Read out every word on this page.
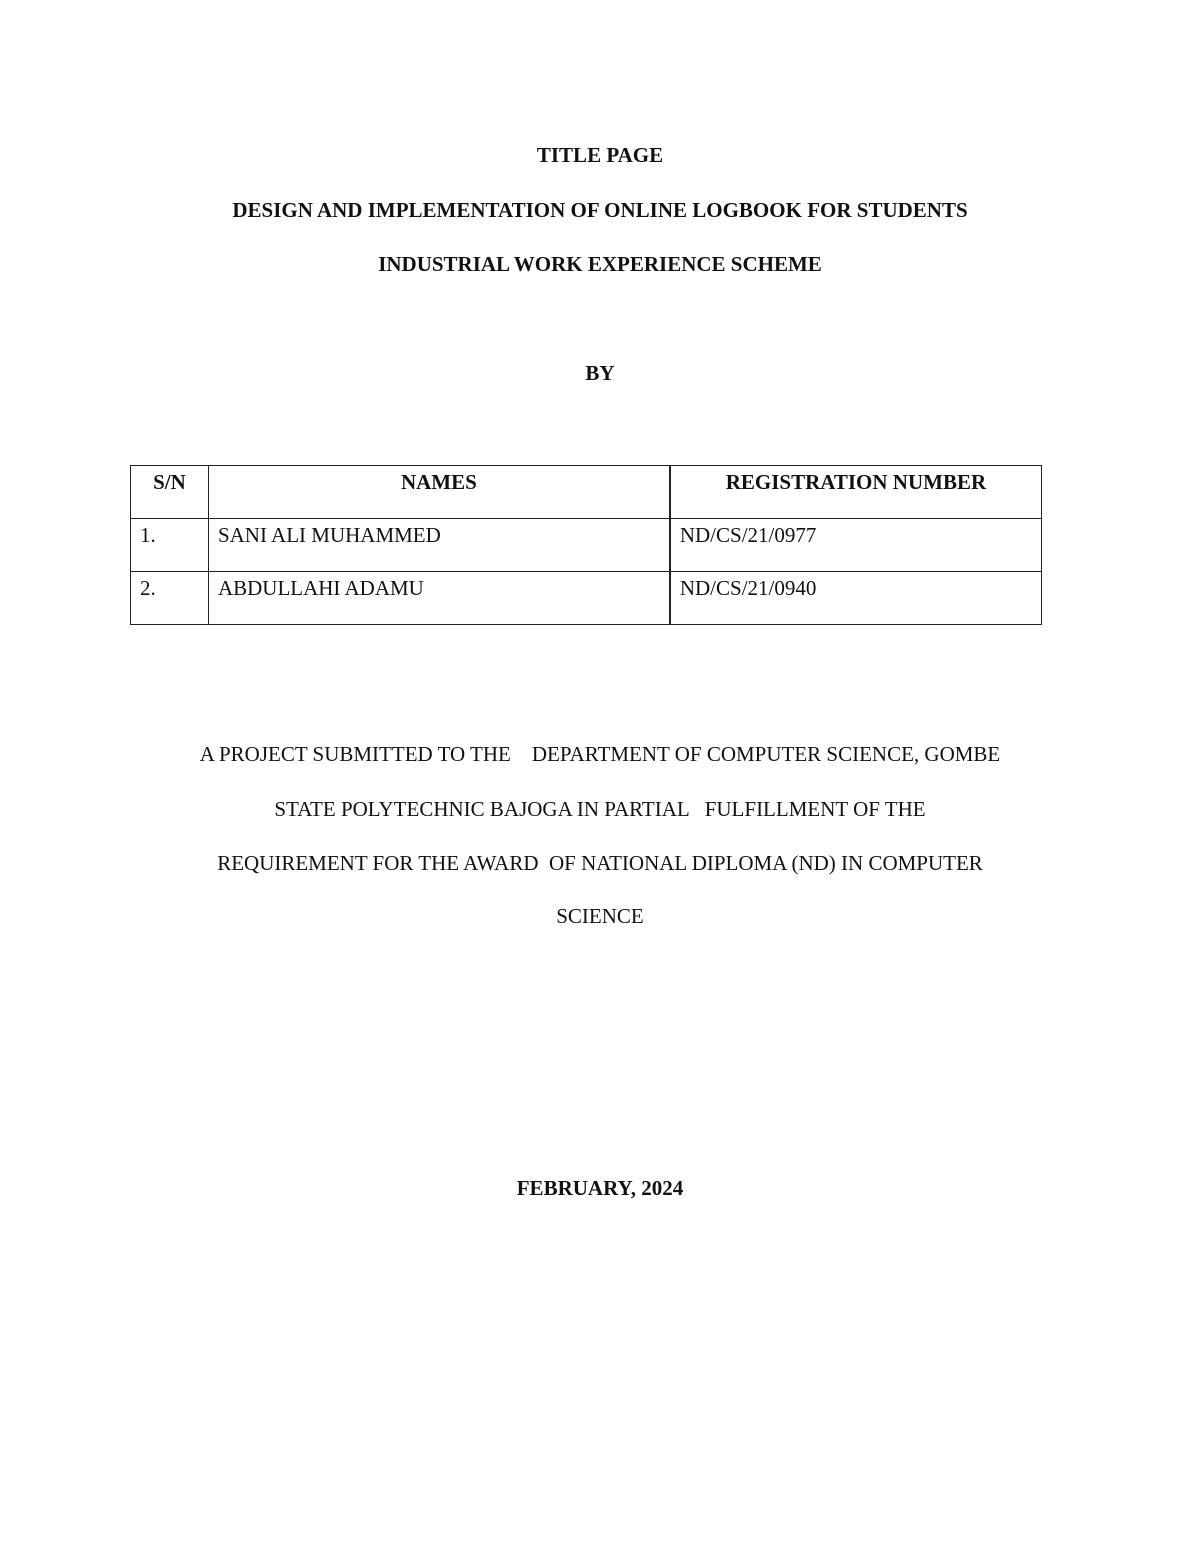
TITLE PAGE
DESIGN AND IMPLEMENTATION OF ONLINE LOGBOOK FOR STUDENTS
INDUSTRIAL WORK EXPERIENCE SCHEME
BY
S/N	NAMES	REGISTRATION NUMBER
1.	SANI ALI MUHAMMED	ND/CS/21/0977
2.	ABDULLAHI ADAMU	ND/CS/21/0940
A PROJECT SUBMITTED TO THE    DEPARTMENT OF COMPUTER SCIENCE, GOMBE
STATE POLYTECHNIC BAJOGA IN PARTIAL   FULFILLMENT OF THE
REQUIREMENT FOR THE AWARD  OF NATIONAL DIPLOMA (ND) IN COMPUTER
SCIENCE
FEBRUARY, 2024
